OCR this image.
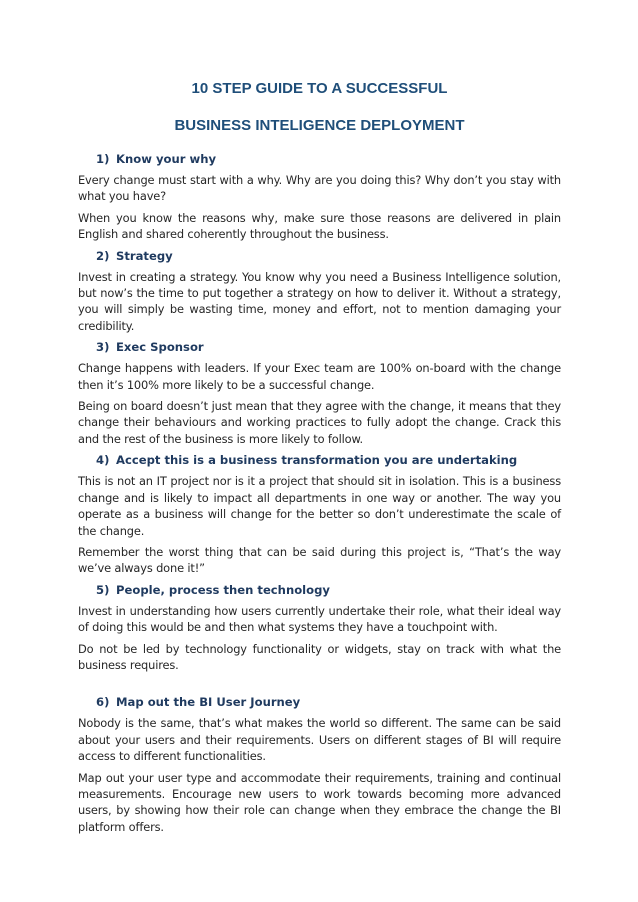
10 STEP GUIDE TO A SUCCESSFUL

BUSINESS INTELIGENCE DEPLOYMENT

1) Know your why

Every change must start with a why. Why are you doing this? Why don’t you stay with what you have?

When you know the reasons why, make sure those reasons are delivered in plain English and shared coherently throughout the business.

2) Strategy

Invest in creating a strategy. You know why you need a Business Intelligence solution, but now’s the time to put together a strategy on how to deliver it. Without a strategy, you will simply be wasting time, money and effort, not to mention damaging your credibility.

3) Exec Sponsor

Change happens with leaders. If your Exec team are 100% on-board with the change then it’s 100% more likely to be a successful change.

Being on board doesn’t just mean that they agree with the change, it means that they change their behaviours and working practices to fully adopt the change. Crack this and the rest of the business is more likely to follow.

4) Accept this is a business transformation you are undertaking

This is not an IT project nor is it a project that should sit in isolation. This is a business change and is likely to impact all departments in one way or another. The way you operate as a business will change for the better so don’t underestimate the scale of the change.

Remember the worst thing that can be said during this project is, “That’s the way we’ve always done it!”

5) People, process then technology

Invest in understanding how users currently undertake their role, what their ideal way of doing this would be and then what systems they have a touchpoint with.

Do not be led by technology functionality or widgets, stay on track with what the business requires.

6) Map out the BI User Journey

Nobody is the same, that’s what makes the world so different. The same can be said about your users and their requirements. Users on different stages of BI will require access to different functionalities.

Map out your user type and accommodate their requirements, training and continual measurements. Encourage new users to work towards becoming more advanced users, by showing how their role can change when they embrace the change the BI platform offers.
